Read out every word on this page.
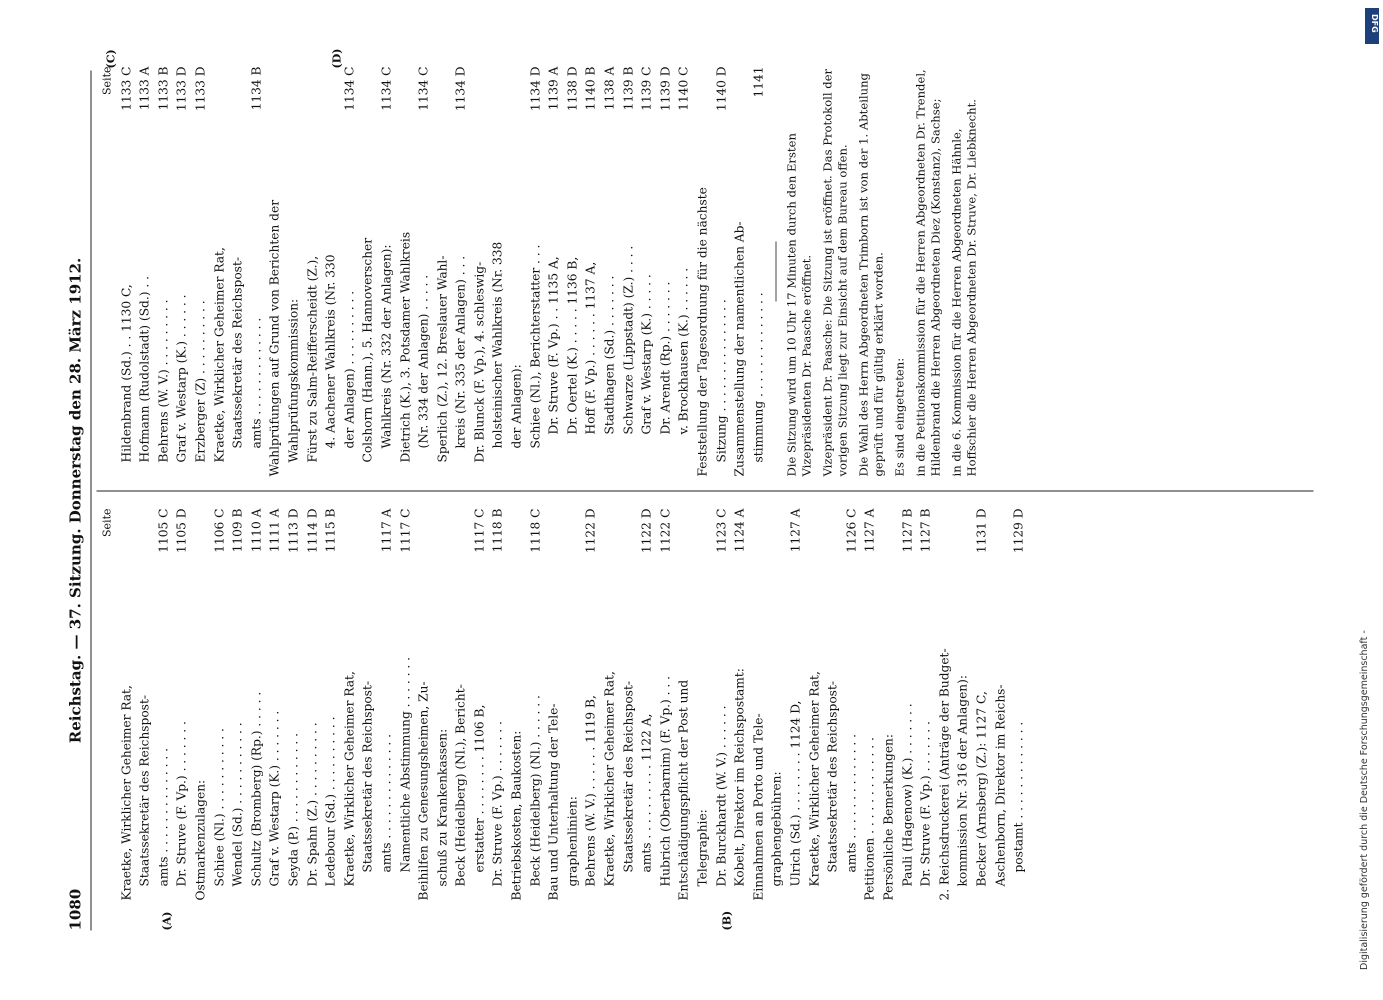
1080
Reichstag. — 37. Sitzung. Donnerstag den 28. März 1912.
(A)	(B)
(C)	(D)
Seite
Kraetke, Wirklicher Geheimer Rat, Staatssekretär des Reichspost- amts . . . . . . . . . . . . . .
1105 C
Dr. Struve (F. Vp.) . . . . . . .
1105 D
Ostmarkenzulagen: Schiee (Nl.) . . . . . . . . . . .
1106 C
Wendel (Sd.) . . . . . . . . . . .
1109 B
Schultz (Bromberg) (Rp.) . . . . .
1110 A
Graf v. Westarp (K.) . . . . . . .
1111 A
Seyda (P.) . . . . . . . . . . . .
1113 D
Dr. Spahn (Z.) . . . . . . . . . .
1114 D
Ledebour (Sd.) . . . . . . . . . .
1115 B
Kraetke, Wirklicher Geheimer Rat, Staatssekretär des Reichspost- amts . . . . . . . . . . . . . .
1117 A
Namentliche Abstimmung . . . . . . .
1117 C
Beihilfen zu Genesungsheimen, Zu- schuß zu Krankenkassen: Beck (Heidelberg) (Nl.), Bericht- erstatter . . . . . . . . 1106 B,
1117 C
Dr. Struve (F. Vp.) . . . . . . .
1118 B
Betriebskosten, Baukosten: Beck (Heidelberg) (Nl.) . . . . . .
1118 C
Bau und Unterhaltung der Tele- graphenlinien: Behrens (W. V.) . . . . . . 1119 B,
1122 D
Kraetke, Wirklicher Geheimer Rat, Staatssekretär des Reichspost- amts . . . . . . . . . . 1122 A,
1122 D
Hubrich (Oberbarnim) (F. Vp.) . . .
1122 C
Entschädigungspflicht der Post und Telegraphie: Dr. Burckhardt (W. V.) . . . . . .
1123 C
Kobelt, Direktor im Reichspostamt:
1124 A
Einnahmen an Porto und Tele- graphengebühren: Ulrich (Sd.) . . . . . . . . 1124 D,
1127 A
Kraetke, Wirklicher Geheimer Rat, Staatssekretär des Reichspost- amts . . . . . . . . . . . . . .
1126 C
Petitionen . . . . . . . . . . . . .
1127 A
Persönliche Bemerkungen: Pauli (Hagenow) (K.) . . . . . . .
1127 B
Dr. Struve (F. Vp.) . . . . . . .
1127 B
2. Reichsdruckerei (Anträge der Budget- kommission Nr. 316 der Anlagen): Becker (Arnsberg) (Z.): 1127 C,
1131 D
Aschenborn, Direktor im Reichs- postamt . . . . . . . . . . . . .
1129 D
Seite
Hildenbrand (Sd.) . . 1130 C,
1133 C
Hofmann (Rudolstadt) (Sd.) . .
1133 A
Behrens (W. V.) . . . . . . . . .
1133 B
Graf v. Westarp (K.) . . . . . .
1133 D
Erzberger (Z) . . . . . . . . . .
1133 D
Kraetke, Wirklicher Geheimer Rat, Staatssekretär des Reichspost- amts . . . . . . . . . . . . .
1134 B
Wahlprüfungen auf Grund von Berichten der Wahlprüfungskommission: Fürst zu Salm-Reifferscheidt (Z.), 4. Aachener Wahlkreis (Nr. 330 der Anlagen) . . . . . . . . . .
1134 C
Colshorn (Hann.), 5. Hannoverscher Wahlkreis (Nr. 332 der Anlagen):
1134 C
Dietrich (K.), 3. Potsdamer Wahlkreis (Nr. 334 der Anlagen) . . . . .
1134 C
Sperlich (Z.), 12. Breslauer Wahl- kreis (Nr. 335 der Anlagen) . . .
1134 D
Dr. Blunck (F. Vp.), 4. schleswig- holsteinischer Wahlkreis (Nr. 338 der Anlagen): Schiee (Nl.), Berichterstatter . . .
1134 D
Dr. Struve (F. Vp.) . . 1135 A,
1139 A
Dr. Oertel (K.) . . . . . 1136 B,
1138 D
Hoff (F. Vp.) . . . . . . 1137 A,
1140 B
Stadthagen (Sd.) . . . . . . .
1138 A
Schwarze (Lippstadt) (Z.) . . . .
1139 B
Graf v. Westarp (K.) . . . . .
1139 C
Dr. Arendt (Rp.) . . . . . . .
1139 D
v. Brockhausen (K.) . . . . . .
1140 C
Feststellung der Tagesordnung für die nächste Sitzung . . . . . . . . . . . . . . .
1140 D
Zusammenstellung der namentlichen Ab- stimmung . . . . . . . . . . . . . .
1141
Die Sitzung wird um 10 Uhr 17 Minuten durch den Ersten Vizepräsidenten Dr. Paasche eröffnet. Vizepräsident Dr. Paasche: Die Sitzung ist eröffnet. Das Protokoll der vorigen Sitzung liegt zur Einsicht auf dem Bureau offen. Die Wahl des Herrn Abgeordneten Trimborn ist von der 1. Abteilung geprüft und für gültig erklärt worden. Es sind eingetreten: in die Petitionskommission für die Herren Abgeordneten Dr. Trendel, Hildenbrand die Herren Abgeordneten Diez (Konstanz), Sachse; in die 6. Kommission für die Herren Abgeordneten Hähnle, Hoffschier die Herren Abgeordneten Dr. Struve, Dr. Liebknecht.
DFG
Digitalisierung gefördert durch die Deutsche Forschungsgemeinschaft -
